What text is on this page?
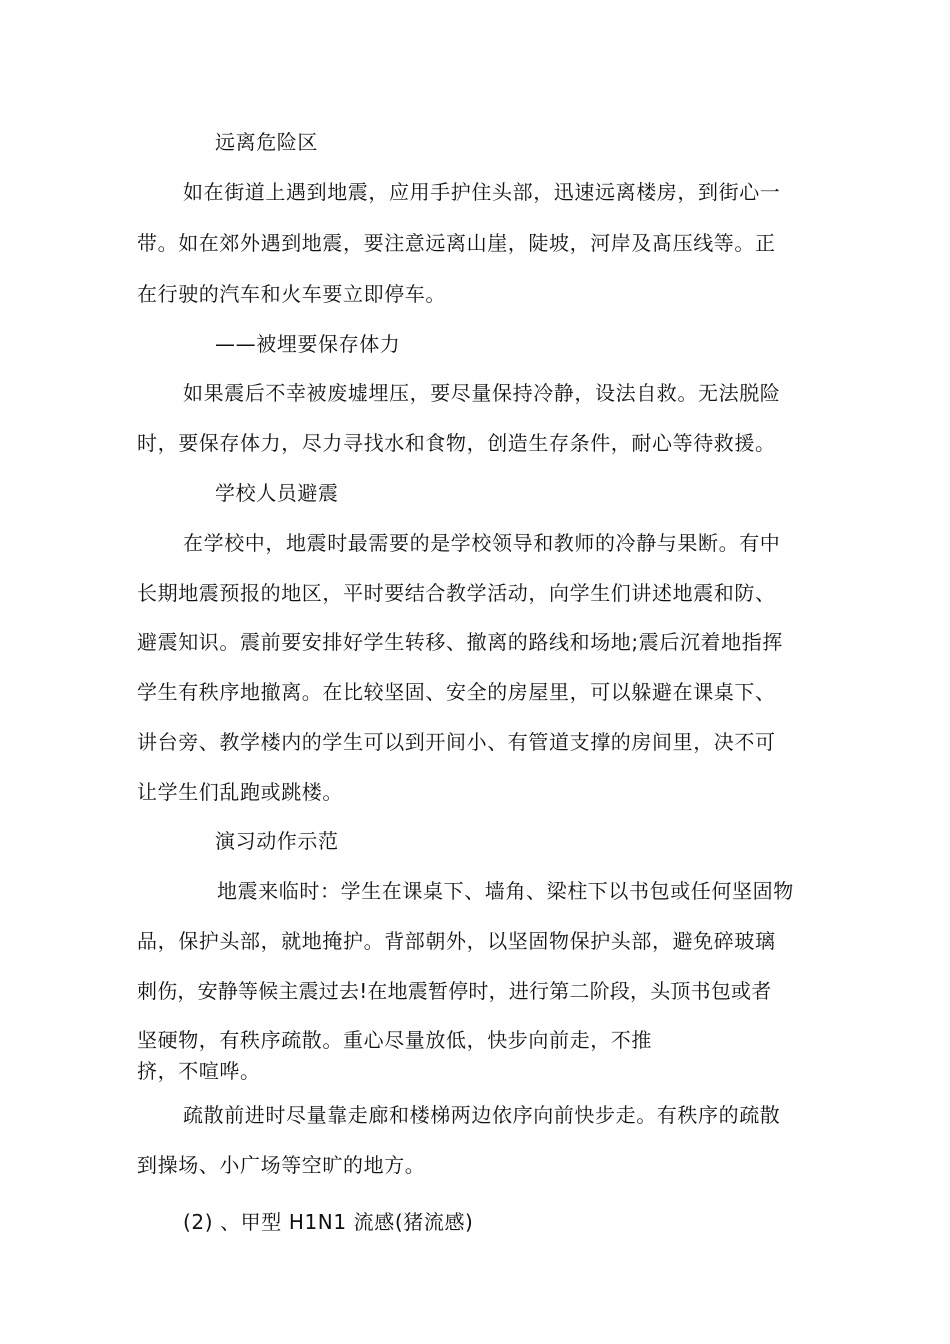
远离危险区
如在街道上遇到地震，应用手护住头部，迅速远离楼房，到街心一
带。如在郊外遇到地震，要注意远离山崖，陡坡，河岸及髙压线等。正
在行驶的汽车和火车要立即停车。
——被埋要保存体力
如果震后不幸被废墟埋压，要尽量保持冷静，设法自救。无法脱险
时，要保存体力，尽力寻找水和食物，创造生存条件，耐心等待救援。
学校人员避震
在学校中，地震时最需要的是学校领导和教师的冷静与果断。有中
长期地震预报的地区，平时要结合教学活动，向学生们讲述地震和防、
避震知识。震前要安排好学生转移、撤离的路线和场地;震后沉着地指挥
学生有秩序地撤离。在比较坚固、安全的房屋里，可以躲避在课桌下、
讲台旁、教学楼内的学生可以到开间小、有管道支撑的房间里，决不可
让学生们乱跑或跳楼。
演习动作示范
地震来临时：学生在课桌下、墙角、梁柱下以书包或任何坚固物
品，保护头部，就地掩护。背部朝外，以坚固物保护头部，避免碎玻璃
刺伤，安静等候主震过去!在地震暂停时，进行第二阶段，头顶书包或者
坚硬物，有秩序疏散。重心尽量放低，快步向前走，不推
挤，不喧哗。
疏散前进时尽量靠走廊和楼梯两边依序向前快步走。有秩序的疏散
到操场、小广场等空旷的地方。
(2) 、甲型 H1N1 流感(猪流感)
